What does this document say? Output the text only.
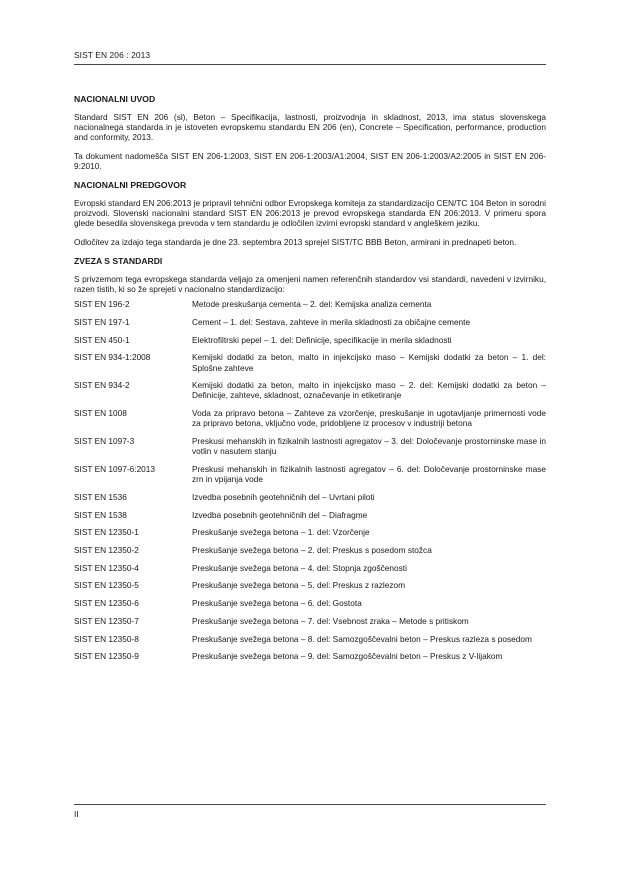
SIST EN 206 : 2013
NACIONALNI UVOD

Standard SIST EN 206 (sl), Beton – Specifikacija, lastnosti, proizvodnja in skladnost, 2013, ima status slovenskega nacionalnega standarda in je istoveten evropskemu standardu EN 206 (en), Concrete – Specification, performance, production and conformity, 2013.

Ta dokument nadomešča SIST EN 206-1:2003, SIST EN 206-1:2003/A1:2004, SIST EN 206-1:2003/A2:2005 in SIST EN 206-9:2010.

NACIONALNI PREDGOVOR

Evropski standard EN 206:2013 je pripravil tehnični odbor Evropskega komiteja za standardizacijo CEN/TC 104 Beton in sorodni proizvodi. Slovenski nacionalni standard SIST EN 206:2013 je prevod evropskega standarda EN 206:2013. V primeru spora glede besedila slovenskega prevoda v tem standardu je odločilen izvirni evropski standard v angleškem jeziku.

Odločitev za izdajo tega standarda je dne 23. septembra 2013 sprejel SIST/TC BBB Beton, armirani in prednapeti beton.

ZVEZA S STANDARDI

S privzemom tega evropskega standarda veljajo za omenjeni namen referenčnih standardov vsi standardi, navedeni v izvirniku, razen tistih, ki so že sprejeti v nacionalno standardizacijo:

SIST EN 196-2	Metode preskušanja cementa – 2. del: Kemijska analiza cementa
SIST EN 197-1	Cement – 1. del: Sestava, zahteve in merila skladnosti za običajne cemente
SIST EN 450-1	Elektrofiltrski pepel – 1. del: Definicije, specifikacije in merila skladnosti
SIST EN 934-1:2008	Kemijski dodatki za beton, malto in injekcijsko maso – Kemijski dodatki za beton – 1. del: Splošne zahteve
SIST EN 934-2	Kemijski dodatki za beton, malto in injekcijsko maso – 2. del: Kemijski dodatki za beton – Definicije, zahteve, skladnost, označevanje in etiketiranje
SIST EN 1008	Voda za pripravo betona – Zahteve za vzorčenje, preskušanje in ugotavljanje primernosti vode za pripravo betona, vključno vode, pridobljene iz procesov v industriji betona
SIST EN 1097-3	Preskusi mehanskih in fizikalnih lastnosti agregatov – 3. del: Določevanje prostorninske mase in votlin v nasutem stanju
SIST EN 1097-6:2013	Preskusi mehanskih in fizikalnih lastnosti agregatov – 6. del: Določevanje prostorninske mase zrn in vpijanja vode
SIST EN 1536	Izvedba posebnih geotehničnih del – Uvrtani piloti
SIST EN 1538	Izvedba posebnih geotehničnih del – Diafragme
SIST EN 12350-1	Preskušanje svežega betona – 1. del: Vzorčenje
SIST EN 12350-2	Preskušanje svežega betona – 2. del: Preskus s posedom stožca
SIST EN 12350-4	Preskušanje svežega betona – 4. del: Stopnja zgoščenosti
SIST EN 12350-5	Preskušanje svežega betona – 5. del: Preskus z razlezom
SIST EN 12350-6	Preskušanje svežega betona – 6. del: Gostota
SIST EN 12350-7	Preskušanje svežega betona – 7. del: Vsebnost zraka – Metode s pritiskom
SIST EN 12350-8	Preskušanje svežega betona – 8. del: Samozgoščevalni beton – Preskus razleza s posedom
SIST EN 12350-9	Preskušanje svežega betona – 9. del: Samozgoščevalni beton – Preskus z V-lijakom
II
